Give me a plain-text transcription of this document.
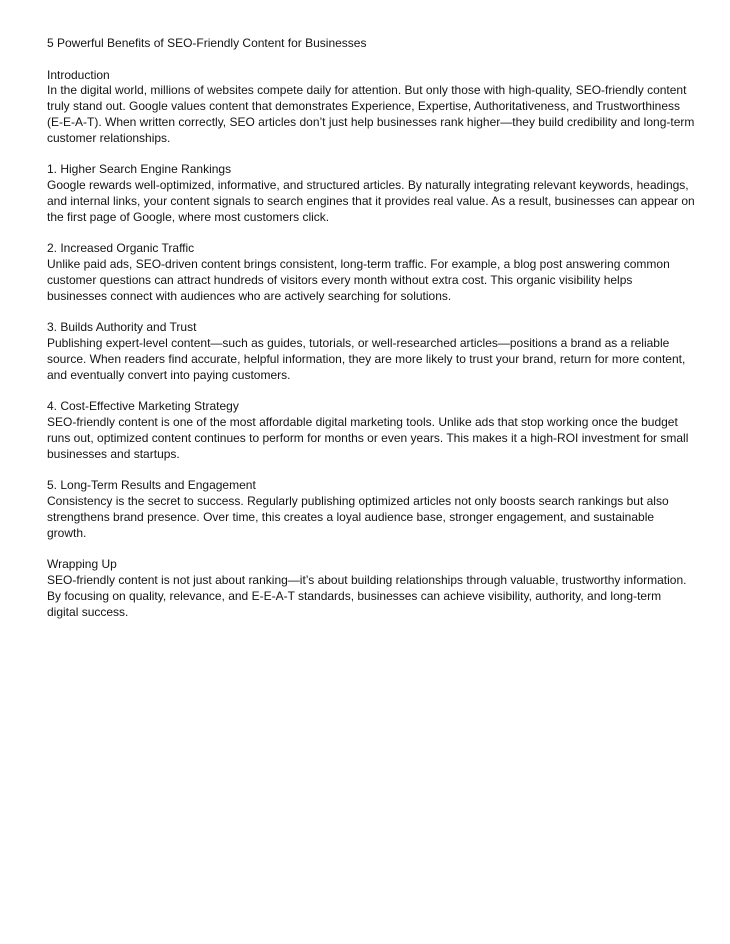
5 Powerful Benefits of SEO-Friendly Content for Businesses
Introduction

In the digital world, millions of websites compete daily for attention. But only those with high-quality, SEO-friendly content truly stand out. Google values content that demonstrates Experience, Expertise, Authoritativeness, and Trustworthiness (E-E-A-T). When written correctly, SEO articles don’t just help businesses rank higher—they build credibility and long-term customer relationships.

1. Higher Search Engine Rankings

Google rewards well-optimized, informative, and structured articles. By naturally integrating relevant keywords, headings, and internal links, your content signals to search engines that it provides real value. As a result, businesses can appear on the first page of Google, where most customers click.

2. Increased Organic Traffic

Unlike paid ads, SEO-driven content brings consistent, long-term traffic. For example, a blog post answering common customer questions can attract hundreds of visitors every month without extra cost. This organic visibility helps businesses connect with audiences who are actively searching for solutions.

3. Builds Authority and Trust

Publishing expert-level content—such as guides, tutorials, or well-researched articles—positions a brand as a reliable source. When readers find accurate, helpful information, they are more likely to trust your brand, return for more content, and eventually convert into paying customers.

4. Cost-Effective Marketing Strategy

SEO-friendly content is one of the most affordable digital marketing tools. Unlike ads that stop working once the budget runs out, optimized content continues to perform for months or even years. This makes it a high-ROI investment for small businesses and startups.

5. Long-Term Results and Engagement

Consistency is the secret to success. Regularly publishing optimized articles not only boosts search rankings but also strengthens brand presence. Over time, this creates a loyal audience base, stronger engagement, and sustainable growth.

Wrapping Up

SEO-friendly content is not just about ranking—it’s about building relationships through valuable, trustworthy information. By focusing on quality, relevance, and E-E-A-T standards, businesses can achieve visibility, authority, and long-term digital success.
